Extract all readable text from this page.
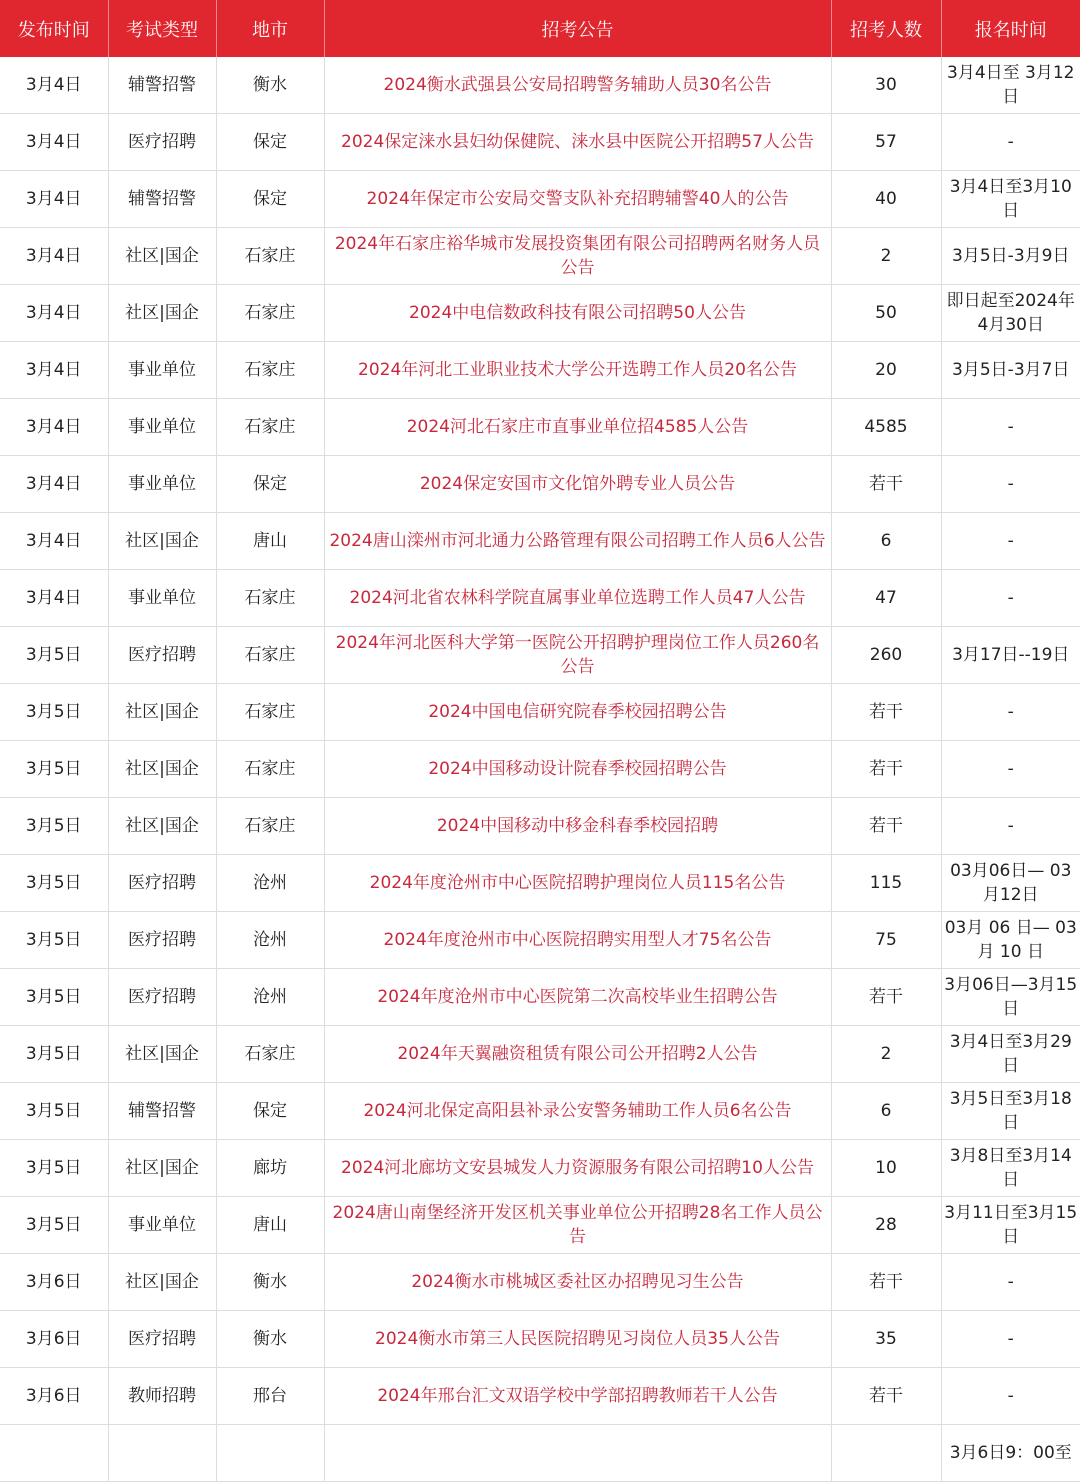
发布时间	考试类型	地市	招考公告	招考人数	报名时间
3月4日	辅警招警	衡水	2024衡水武强县公安局招聘警务辅助人员30名公告	30	3月4日至 3月12日
3月4日	医疗招聘	保定	2024保定涞水县妇幼保健院、涞水县中医院公开招聘57人公告	57	-
3月4日	辅警招警	保定	2024年保定市公安局交警支队补充招聘辅警40人的公告	40	3月4日至3月10日
3月4日	社区|国企	石家庄	2024年石家庄裕华城市发展投资集团有限公司招聘两名财务人员公告	2	3月5日-3月9日
3月4日	社区|国企	石家庄	2024中电信数政科技有限公司招聘50人公告	50	即日起至2024年4月30日
3月4日	事业单位	石家庄	2024年河北工业职业技术大学公开选聘工作人员20名公告	20	3月5日-3月7日
3月4日	事业单位	石家庄	2024河北石家庄市直事业单位招4585人公告	4585	-
3月4日	事业单位	保定	2024保定安国市文化馆外聘专业人员公告	若干	-
3月4日	社区|国企	唐山	2024唐山滦州市河北通力公路管理有限公司招聘工作人员6人公告	6	-
3月4日	事业单位	石家庄	2024河北省农林科学院直属事业单位选聘工作人员47人公告	47	-
3月5日	医疗招聘	石家庄	2024年河北医科大学第一医院公开招聘护理岗位工作人员260名公告	260	3月17日--19日
3月5日	社区|国企	石家庄	2024中国电信研究院春季校园招聘公告	若干	-
3月5日	社区|国企	石家庄	2024中国移动设计院春季校园招聘公告	若干	-
3月5日	社区|国企	石家庄	2024中国移动中移金科春季校园招聘	若干	-
3月5日	医疗招聘	沧州	2024年度沧州市中心医院招聘护理岗位人员115名公告	115	03月06日— 03月12日
3月5日	医疗招聘	沧州	2024年度沧州市中心医院招聘实用型人才75名公告	75	03月 06 日— 03月 10 日
3月5日	医疗招聘	沧州	2024年度沧州市中心医院第二次高校毕业生招聘公告	若干	3月06日—3月15日
3月5日	社区|国企	石家庄	2024年天翼融资租赁有限公司公开招聘2人公告	2	3月4日至3月29日
3月5日	辅警招警	保定	2024河北保定高阳县补录公安警务辅助工作人员6名公告	6	3月5日至3月18日
3月5日	社区|国企	廊坊	2024河北廊坊文安县城发人力资源服务有限公司招聘10人公告	10	3月8日至3月14日
3月5日	事业单位	唐山	2024唐山南堡经济开发区机关事业单位公开招聘28名工作人员公告	28	3月11日至3月15日
3月6日	社区|国企	衡水	2024衡水市桃城区委社区办招聘见习生公告	若干	-
3月6日	医疗招聘	衡水	2024衡水市第三人民医院招聘见习岗位人员35人公告	35	-
3月6日	教师招聘	邢台	2024年邢台汇文双语学校中学部招聘教师若干人公告	若干	-
					3月6日9：00至
